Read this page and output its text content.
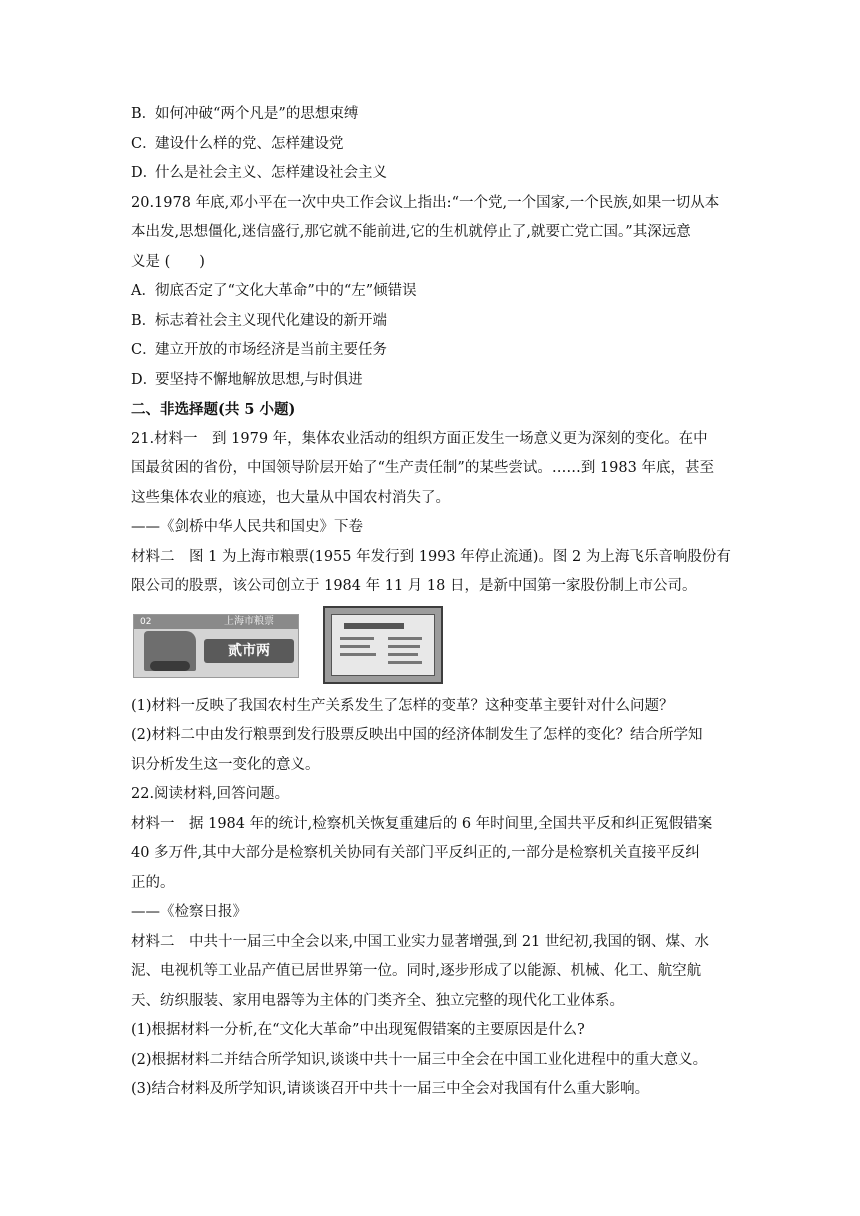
B．如何冲破“两个凡是”的思想束缚
C．建设什么样的党、怎样建设党
D．什么是社会主义、怎样建设社会主义
20.1978 年底,邓小平在一次中央工作会议上指出:“一个党,一个国家,一个民族,如果一切从本
本出发,思想僵化,迷信盛行,那它就不能前进,它的生机就停止了,就要亡党亡国。”其深远意
义是 (　　)
A．彻底否定了“文化大革命”中的“左”倾错误
B．标志着社会主义现代化建设的新开端
C．建立开放的市场经济是当前主要任务
D．要坚持不懈地解放思想,与时俱进
二、非选择题(共 5 小题)
21.材料一　到 1979 年，集体农业活动的组织方面正发生一场意义更为深刻的变化。在中
国最贫困的省份，中国领导阶层开始了“生产责任制”的某些尝试。……到 1983 年底，甚至
这些集体农业的痕迹，也大量从中国农村消失了。
——《剑桥中华人民共和国史》下卷
材料二　图 1 为上海市粮票(1955 年发行到 1993 年停止流通)。图 2 为上海飞乐音响股份有
限公司的股票，该公司创立于 1984 年 11 月 18 日，是新中国第一家股份制上市公司。
02	上海市粮票
贰市两
(1)材料一反映了我国农村生产关系发生了怎样的变革？这种变革主要针对什么问题？
(2)材料二中由发行粮票到发行股票反映出中国的经济体制发生了怎样的变化？结合所学知
识分析发生这一变化的意义。
22.阅读材料,回答问题。
材料一　据 1984 年的统计,检察机关恢复重建后的 6 年时间里,全国共平反和纠正冤假错案
40 多万件,其中大部分是检察机关协同有关部门平反纠正的,一部分是检察机关直接平反纠
正的。
——《检察日报》
材料二　中共十一届三中全会以来,中国工业实力显著增强,到 21 世纪初,我国的钢、煤、水
泥、电视机等工业品产值已居世界第一位。同时,逐步形成了以能源、机械、化工、航空航
天、纺织服装、家用电器等为主体的门类齐全、独立完整的现代化工业体系。
(1)根据材料一分析,在“文化大革命”中出现冤假错案的主要原因是什么?
(2)根据材料二并结合所学知识,谈谈中共十一届三中全会在中国工业化进程中的重大意义。
(3)结合材料及所学知识,请谈谈召开中共十一届三中全会对我国有什么重大影响。
